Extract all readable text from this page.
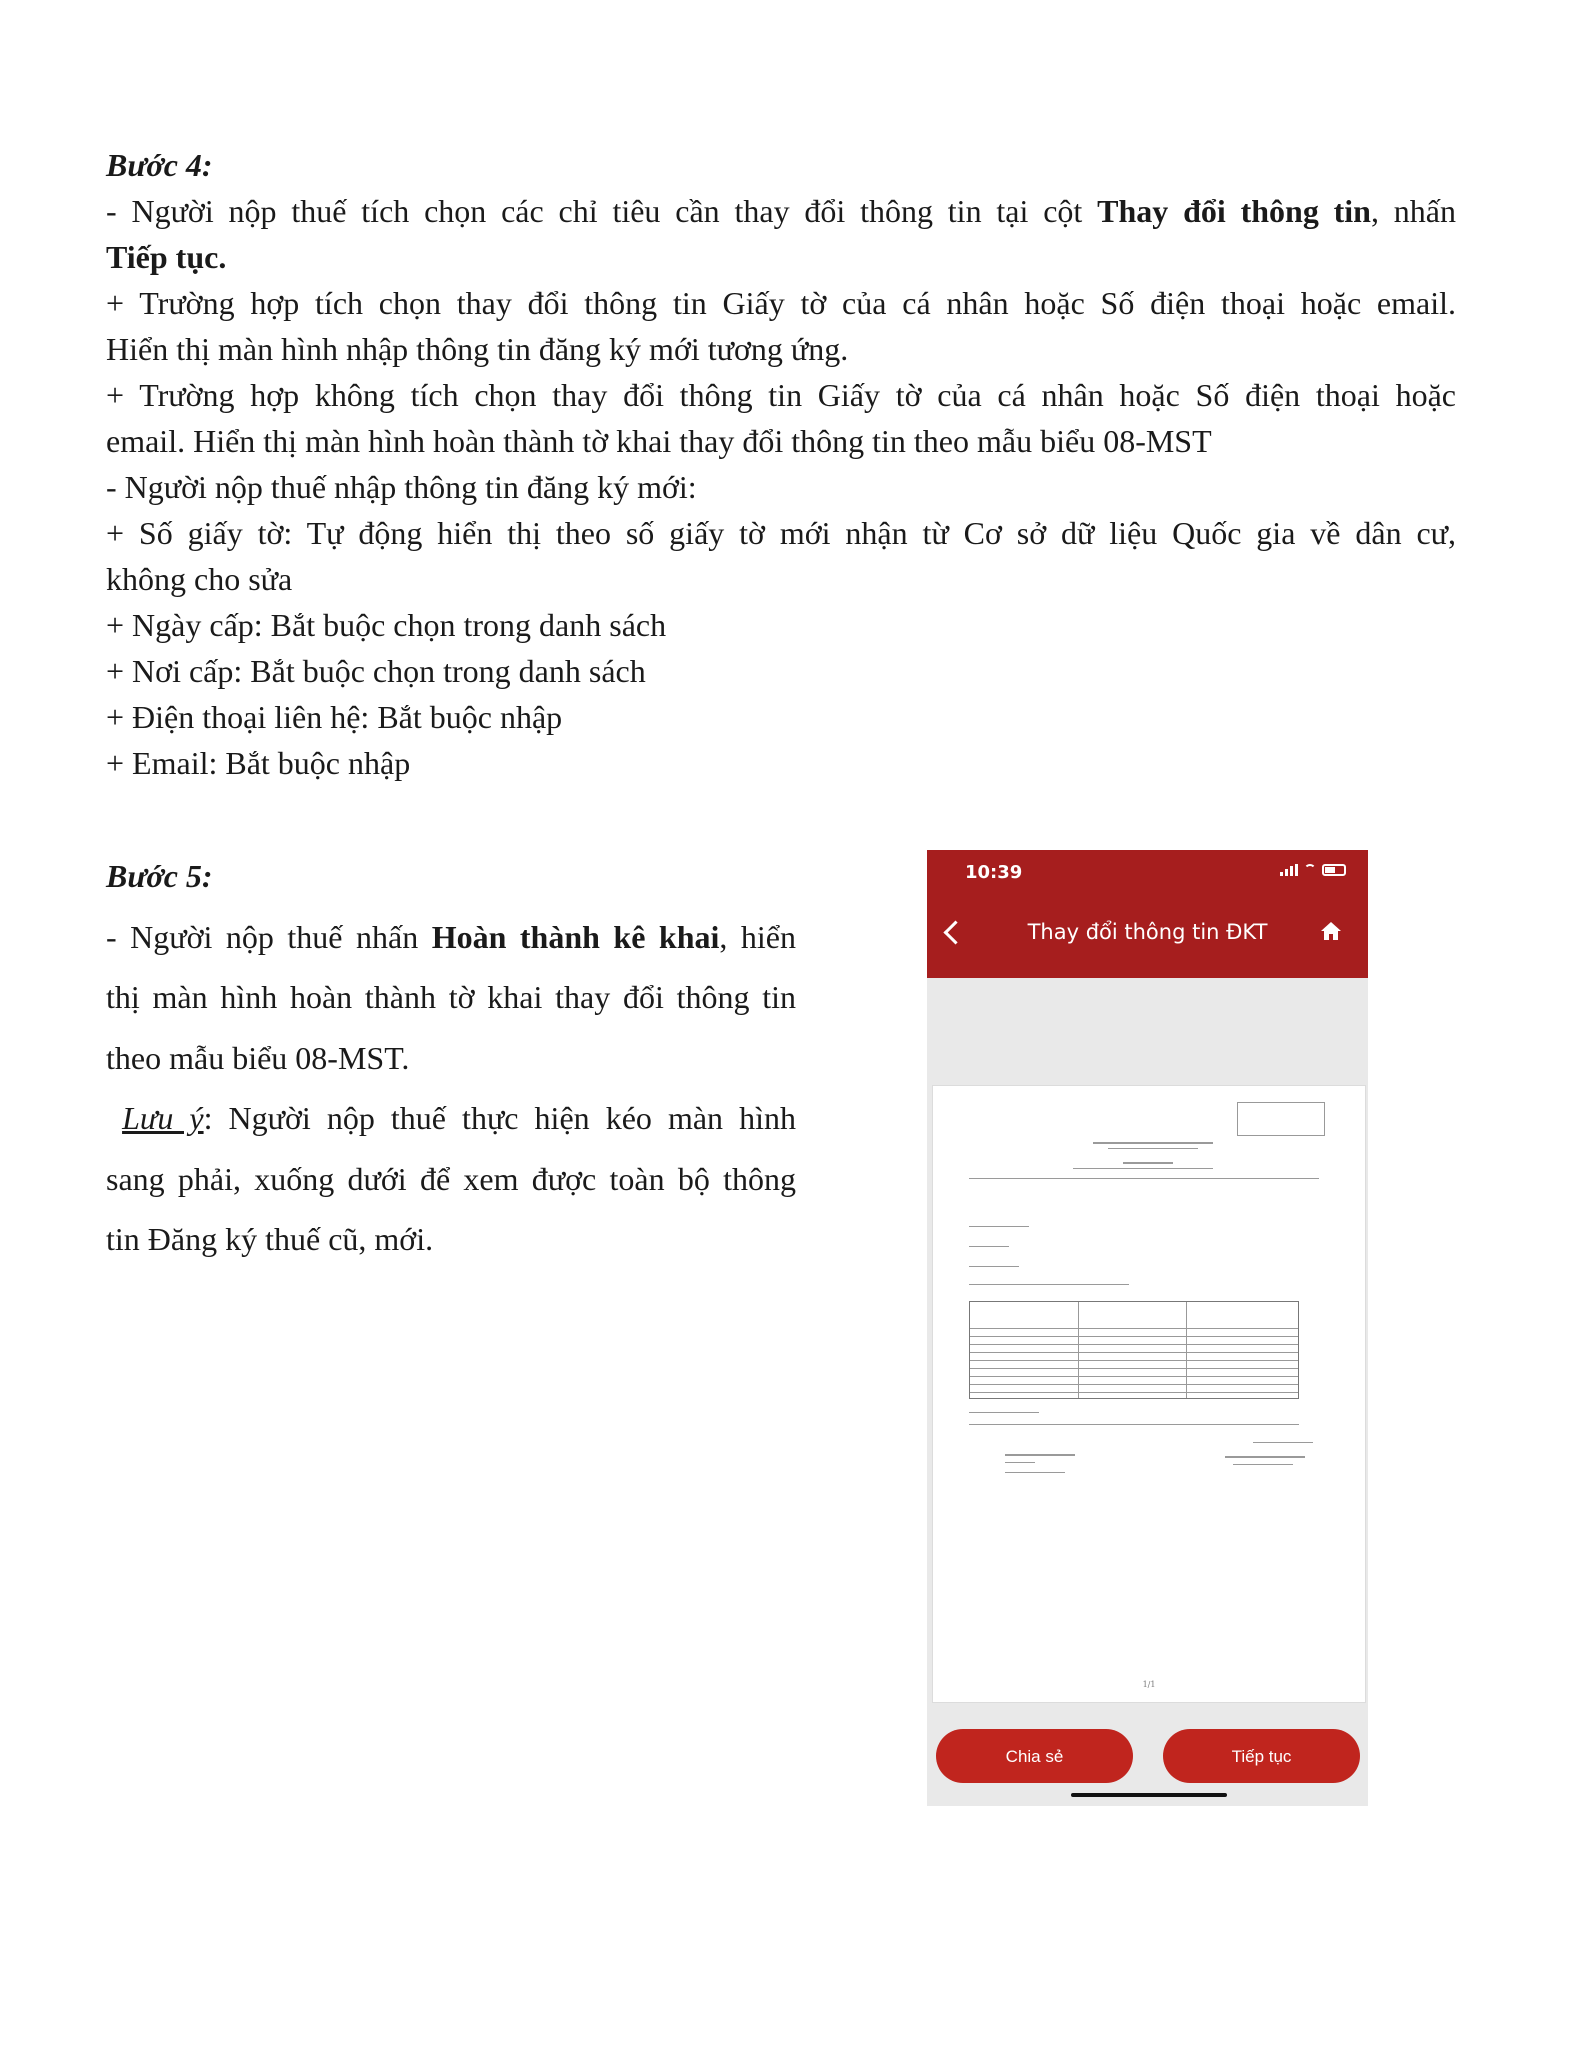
Bước 4:
- Người nộp thuế tích chọn các chỉ tiêu cần thay đổi thông tin tại cột Thay đổi thông tin, nhấn
Tiếp tục.
+ Trường hợp tích chọn thay đổi thông tin Giấy tờ của cá nhân hoặc Số điện thoại hoặc email.
Hiển thị màn hình nhập thông tin đăng ký mới tương ứng.
+ Trường hợp không tích chọn thay đổi thông tin Giấy tờ của cá nhân hoặc Số điện thoại hoặc
email. Hiển thị màn hình hoàn thành tờ khai thay đổi thông tin theo mẫu biểu 08-MST
- Người nộp thuế nhập thông tin đăng ký mới:
+ Số giấy tờ: Tự động hiển thị theo số giấy tờ mới nhận từ Cơ sở dữ liệu Quốc gia về dân cư,
không cho sửa
+ Ngày cấp: Bắt buộc chọn trong danh sách
+ Nơi cấp: Bắt buộc chọn trong danh sách
+ Điện thoại liên hệ: Bắt buộc nhập
+ Email: Bắt buộc nhập
Bước 5:
- Người nộp thuế nhấn Hoàn thành kê khai, hiển
thị màn hình hoàn thành tờ khai thay đổi thông tin
theo mẫu biểu 08-MST.
Lưu ý: Người nộp thuế thực hiện kéo màn hình
sang phải, xuống dưới để xem được toàn bộ thông
tin Đăng ký thuế cũ, mới.
10:39
Thay đổi thông tin ĐKT
1/1
Chia sẻ	Tiếp tục
